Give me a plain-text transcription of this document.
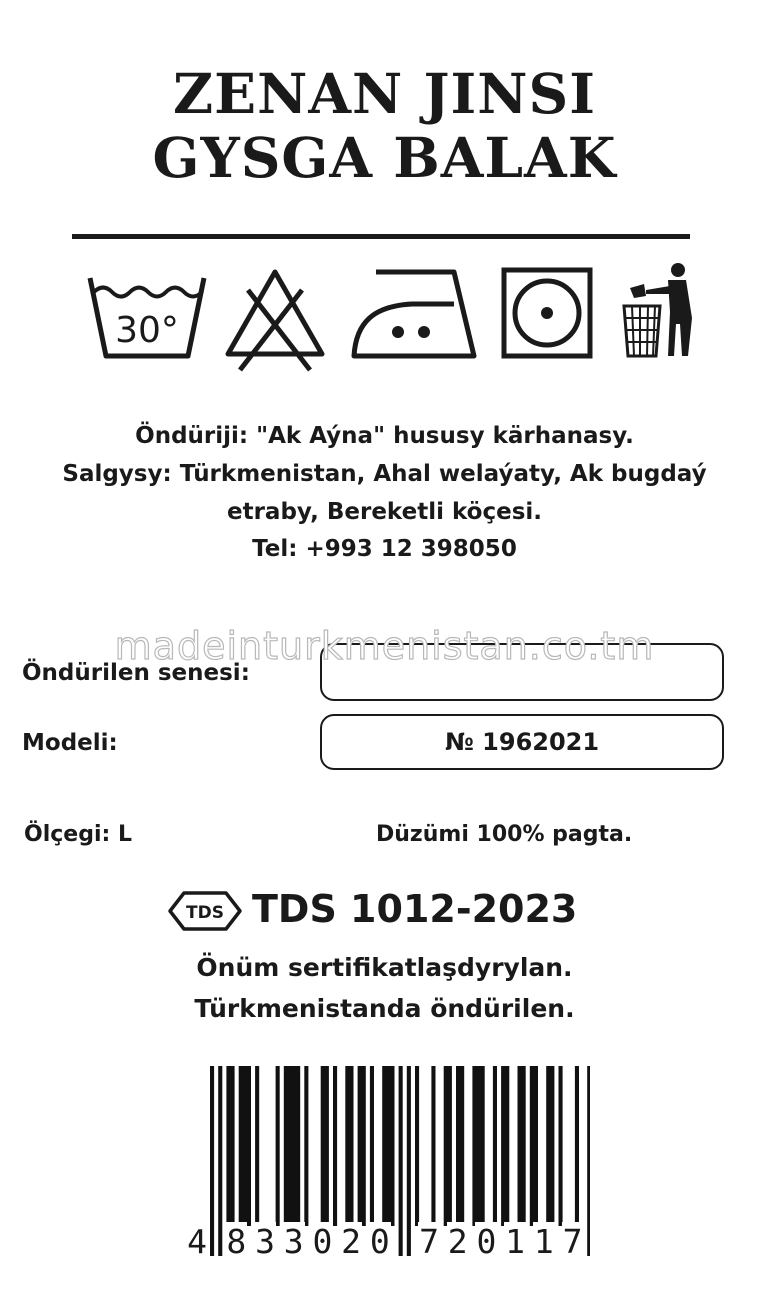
ZENAN JINSI
GYSGA BALAK
30°
Öndüriji: "Ak Aýna" hususy kärhanasy.
Salgysy: Türkmenistan, Ahal welaýaty, Ak bugdaý
etraby, Bereketli köçesi.
Tel: +993 12 398050
Öndürilen senesi:
Modeli:	№ 1962021
madeinturkmenistan.co.tm
Ölçegi: L	Düzümi 100% pagta.
TDS TDS 1012-2023
Önüm sertifikatlaşdyrylan.
Türkmenistanda öndürilen.
4 8 3 3 0 2 0 7 2 0 1 1 7
